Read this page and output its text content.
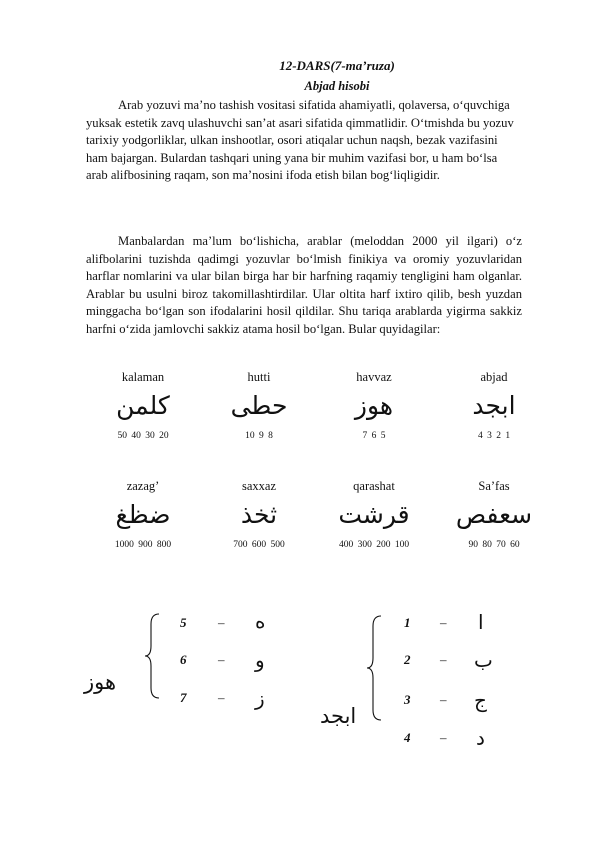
12-DARS(7-ma’ruza)
Abjad hisobi

Arab yozuvi ma’no tashish vositasi sifatida ahamiyatli, qolaversa, o‘quvchiga yuksak estetik zavq ulashuvchi san’at asari sifatida qimmatlidir. O‘tmishda bu yozuv tarixiy yodgorliklar, ulkan inshootlar, osori atiqalar uchun naqsh, bezak vazifasini ham bajargan. Bulardan tashqari uning yana bir muhim vazifasi bor, u ham bo‘lsa arab alifbosining raqam, son ma’nosini ifoda etish bilan bog‘liqligidir.

Manbalardan ma’lum bo‘lishicha, arablar (meloddan 2000 yil ilgari) o‘z alifbolarini tuzishda qadimgi yozuvlar bo‘lmish finikiya va oromiy yozuvlaridan harflar nomlarini va ular bilan birga har bir harfning raqamiy tengligini ham olganlar. Arablar bu usulni biroz takomillashtirdilar. Ular oltita harf ixtiro qilib, besh yuzdan minggacha bo‘lgan son ifodalarini hosil qildilar. Shu tariqa arablarda yigirma sakkiz harfni o‘zida jamlovchi sakkiz atama hosil bo‘lgan. Bular quyidagilar:

kalaman
كلمن
50 40 30 20
hutti
حطی
10 9 8
havvaz
هوز
7 6 5
abjad
ابجد
4 3 2 1
zazag’
ضظغ
1000 900 800
saxxaz
ثخذ
700 600 500
qarashat
قرشت
400 300 200 100
Sa’fas
سعفص
90 80 70 60
هوز
5 – ه
6 – و
7 – ز
ابجد
1 – ا
2 – ب
3 – ج
4 – د
